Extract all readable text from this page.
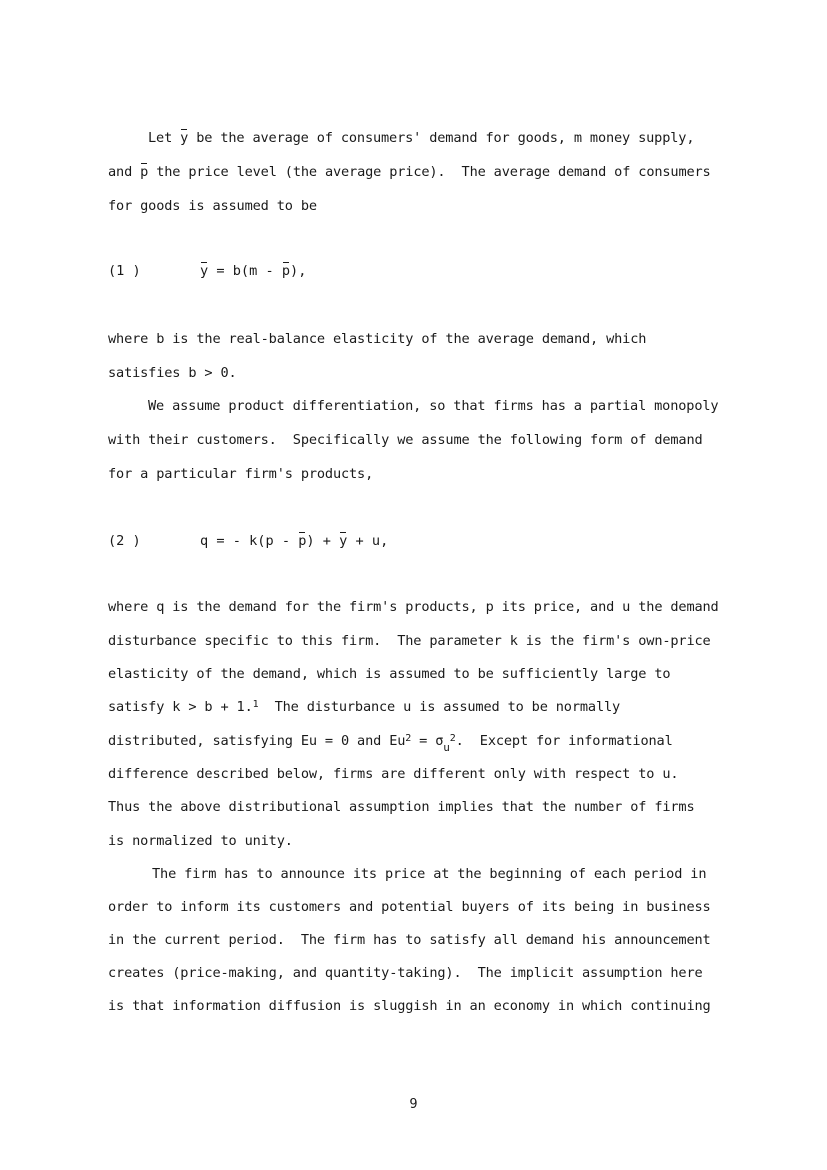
Let y be the average of consumers' demand for goods, m money supply,
and p the price level (the average price).  The average demand of consumers
for goods is assumed to be
(1 )	y = b(m - p),
where b is the real-balance elasticity of the average demand, which
satisfies b > 0.
We assume product differentiation, so that firms has a partial monopoly
with their customers.  Specifically we assume the following form of demand
for a particular firm's products,
(2 )	q = - k(p - p) + y + u,
where q is the demand for the firm's products, p its price, and u the demand
disturbance specific to this firm.  The parameter k is the firm's own-price
elasticity of the demand, which is assumed to be sufficiently large to
satisfy k > b + 1.$^1$ The disturbance u is assumed to be normally
distributed, satisfying Eu = 0 and $Eu^2 = \sigma_u^2$. Except for informational
difference described below, firms are different only with respect to u.
Thus the above distributional assumption implies that the number of firms
is normalized to unity.
The firm has to announce its price at the beginning of each period in
order to inform its customers and potential buyers of its being in business
in the current period.  The firm has to satisfy all demand his announcement
creates (price-making, and quantity-taking).  The implicit assumption here
is that information diffusion is sluggish in an economy in which continuing
9
